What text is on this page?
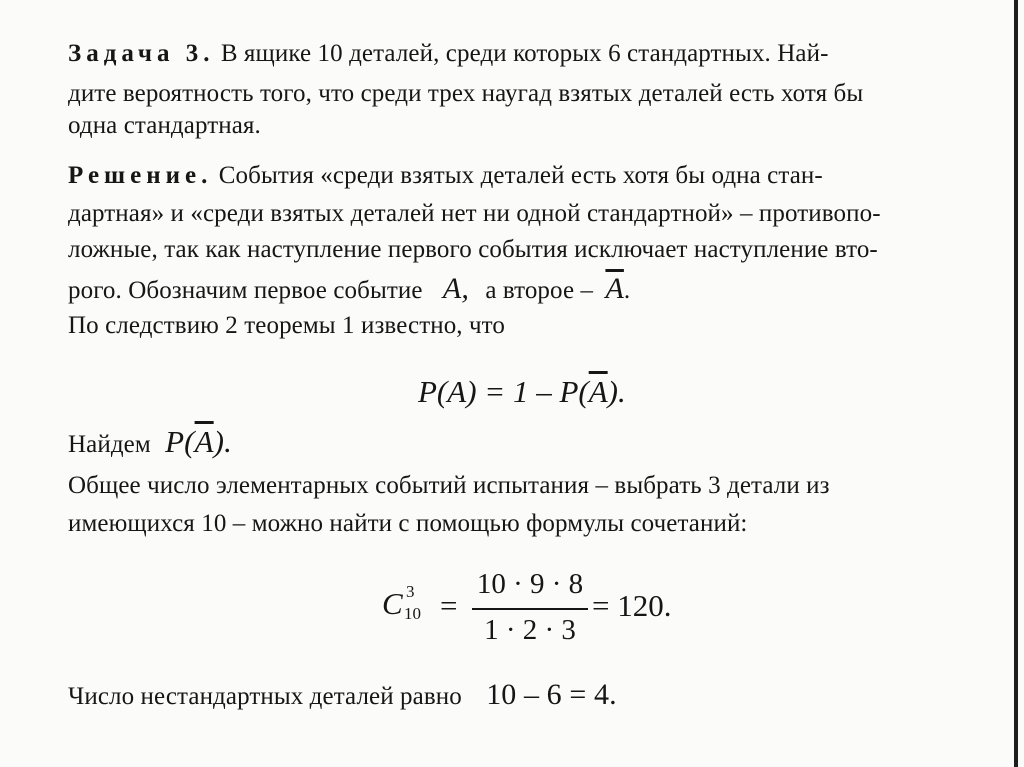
Задача 3. В ящике 10 деталей, среди которых 6 стандартных. Най-
дите вероятность того, что среди трех наугад взятых деталей есть хотя бы
одна стандартная.
Решение. События «среди взятых деталей есть хотя бы одна стан-
дартная» и «среди взятых деталей нет ни одной стандартной» – противопо-
ложные, так как наступление первого события исключает наступление вто-
рого. Обозначим первое событие A, а второе – $\overline{A}$.
По следствию 2 теоремы 1 известно, что
$P(A) = 1 - P(\overline{A})$.
Найдем $P(\overline{A})$.
Общее число элементарных событий испытания – выбрать 3 детали из
имеющихся 10 – можно найти с помощью формулы сочетаний:
C 3
10 =
10 · 9 · 8
1 · 2 · 3
= 120.
Число нестандартных деталей равно 10 – 6 = 4.
